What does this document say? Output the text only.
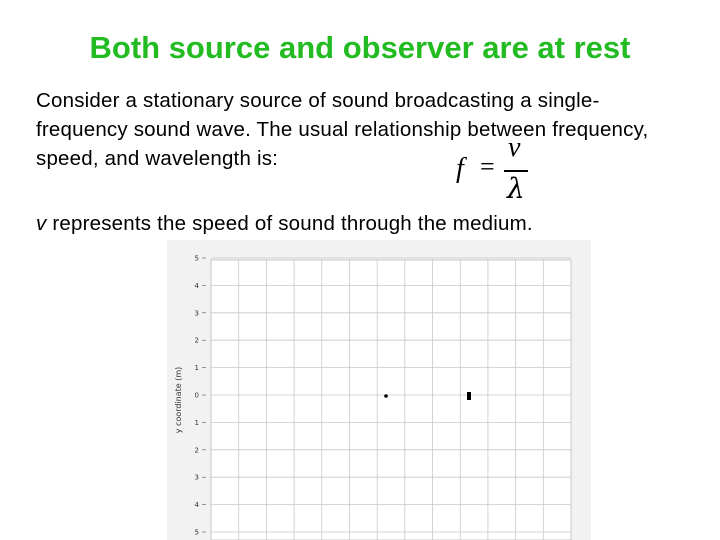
Both source and observer are at rest
Consider a stationary source of sound broadcasting a single-frequency sound wave. The usual relationship between frequency, speed, and wavelength is:	f =
v
λ
v represents the speed of sound through the medium.
5
4
3
2
1
0
1
2
3
4
5
y coordinate (m)
